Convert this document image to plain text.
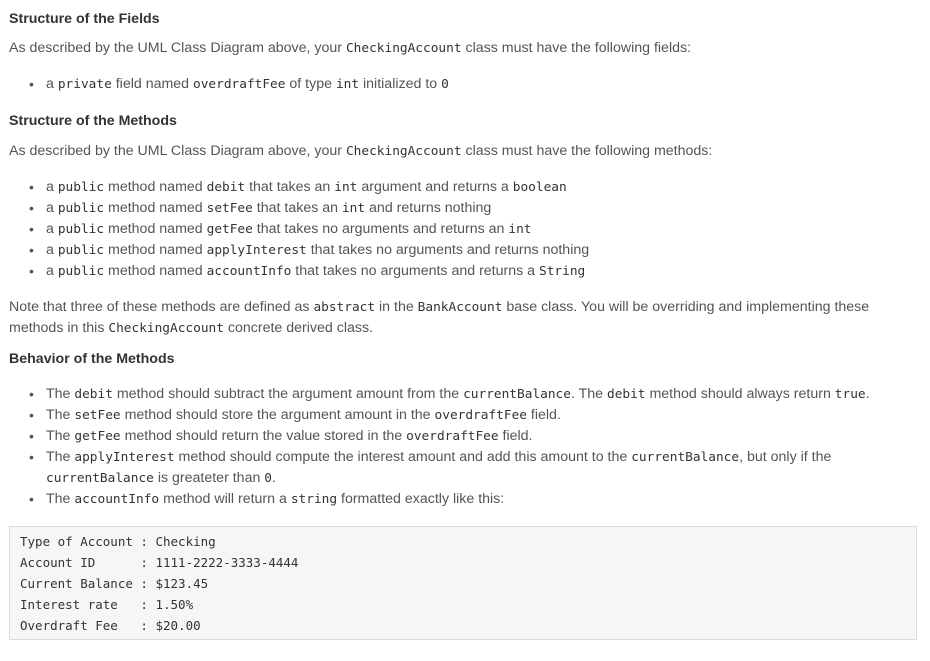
Structure of the Fields

As described by the UML Class Diagram above, your CheckingAccount class must have the following fields:

• a private field named overdraftFee of type int initialized to 0
Structure of the Methods

As described by the UML Class Diagram above, your CheckingAccount class must have the following methods:

• a public method named debit that takes an int argument and returns a boolean
• a public method named setFee that takes an int and returns nothing
• a public method named getFee that takes no arguments and returns an int
• a public method named applyInterest that takes no arguments and returns nothing
• a public method named accountInfo that takes no arguments and returns a String

Note that three of these methods are defined as abstract in the BankAccount base class. You will be overriding and implementing these
methods in this CheckingAccount concrete derived class.

Behavior of the Methods
• The debit method should subtract the argument amount from the currentBalance. The debit method should always return true.
• The setFee method should store the argument amount in the overdraftFee field.
• The getFee method should return the value stored in the overdraftFee field.
• The applyInterest method should compute the interest amount and add this amount to the currentBalance, but only if the
currentBalance is greateter than 0.
• The accountInfo method will return a string formatted exactly like this:
Type of Account : Checking
Account ID      : 1111-2222-3333-4444
Current Balance : $123.45
Interest rate   : 1.50%
Overdraft Fee   : $20.00
